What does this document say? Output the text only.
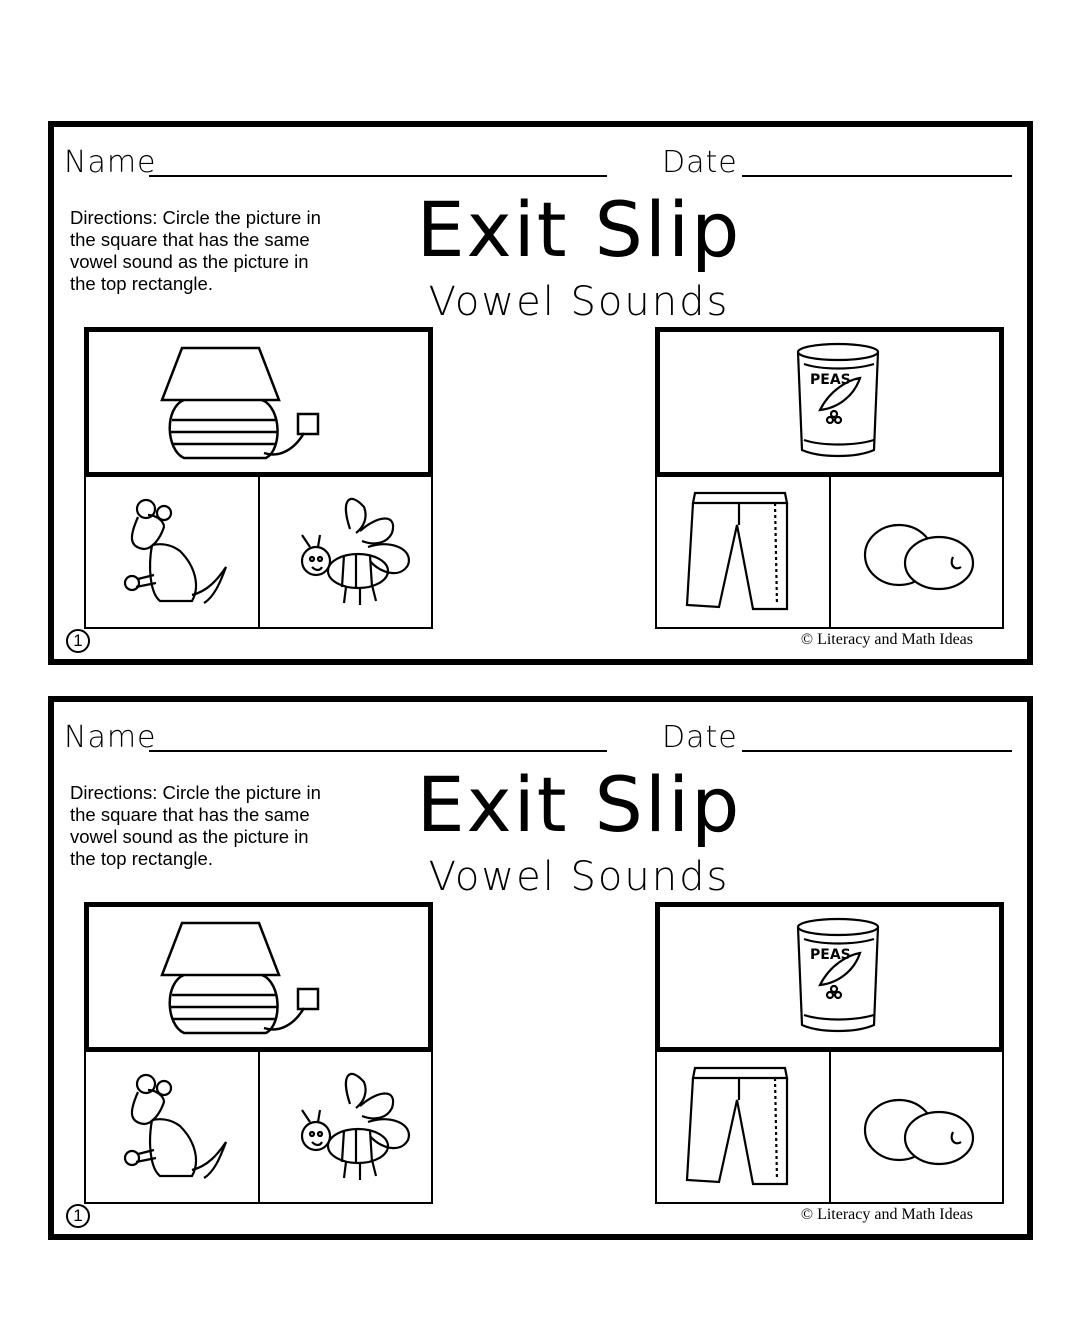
Name	Date
Directions: Circle the picture in the square that has the same vowel sound as the picture in the top rectangle.
Exit Slip
Vowel Sounds
PEAS
1	© Literacy and Math Ideas
Name	Date
Directions: Circle the picture in the square that has the same vowel sound as the picture in the top rectangle.
Exit Slip
Vowel Sounds
PEAS
1	© Literacy and Math Ideas
